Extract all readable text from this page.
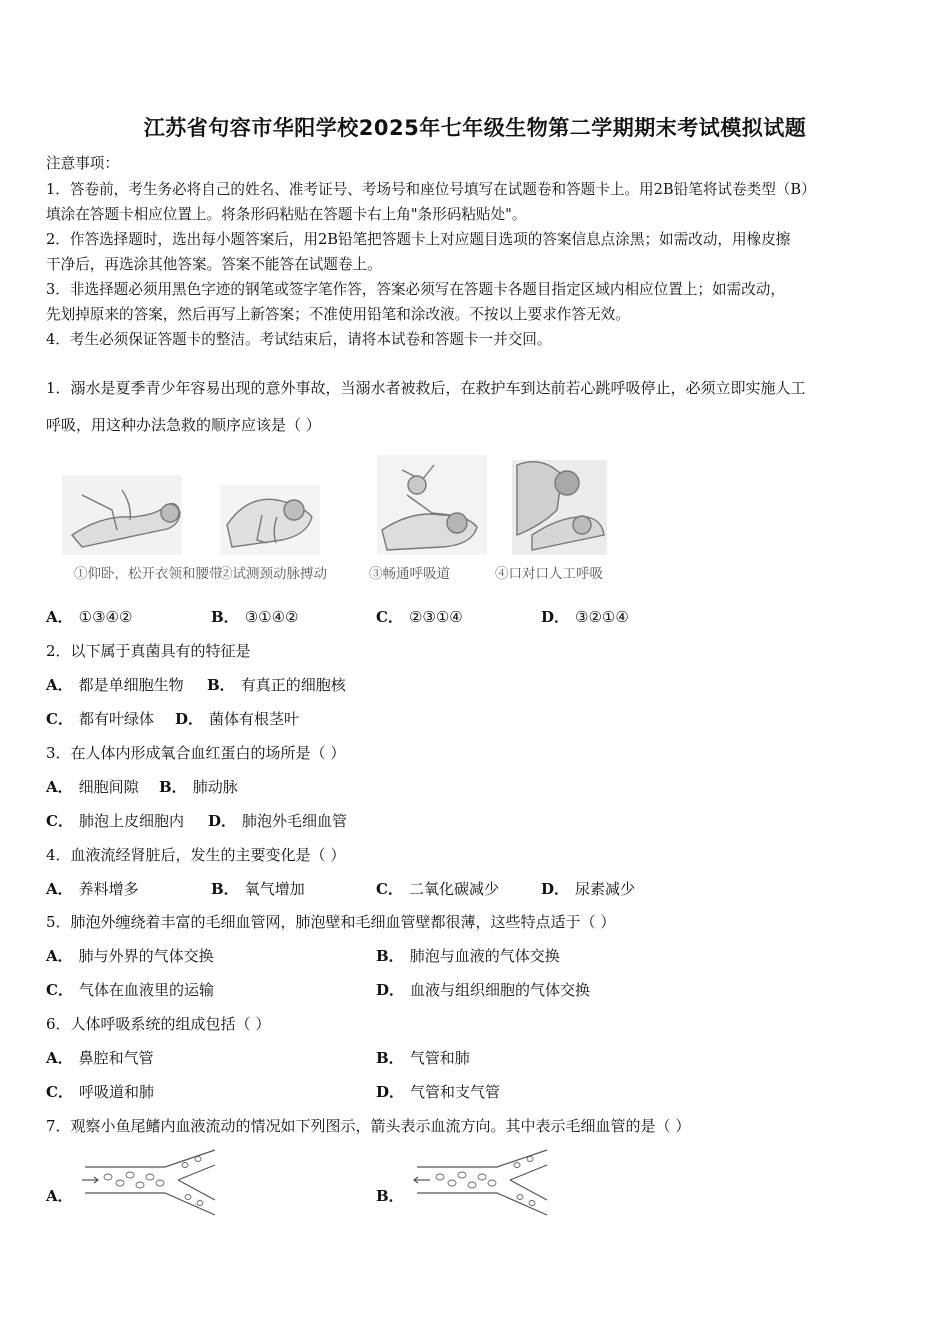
江苏省句容市华阳学校2025年七年级生物第二学期期末考试模拟试题
注意事项：
1．答卷前，考生务必将自己的姓名、准考证号、考场号和座位号填写在试题卷和答题卡上。用2B铅笔将试卷类型（B）
填涂在答题卡相应位置上。将条形码粘贴在答题卡右上角"条形码粘贴处"。
2．作答选择题时，选出每小题答案后，用2B铅笔把答题卡上对应题目选项的答案信息点涂黑；如需改动，用橡皮擦
干净后，再选涂其他答案。答案不能答在试题卷上。
3．非选择题必须用黑色字迹的钢笔或签字笔作答，答案必须写在答题卡各题目指定区域内相应位置上；如需改动，
先划掉原来的答案，然后再写上新答案；不准使用铅笔和涂改液。不按以上要求作答无效。
4．考生必须保证答题卡的整洁。考试结束后，请将本试卷和答题卡一并交回。
1．溺水是夏季青少年容易出现的意外事故，当溺水者被救后，在救护车到达前若心跳呼吸停止，必须立即实施人工
呼吸，用这种办法急救的顺序应该是（ ）
①仰卧，松开衣领和腰带
②试测颈动脉搏动	③畅通呼吸道	④口对口人工呼吸
A． ①③④②	B． ③①④②	C． ②③①④	D． ③②①④
2．以下属于真菌具有的特征是
A． 都是单细胞生物 B． 有真正的细胞核
C． 都有叶绿体 D． 菌体有根茎叶
3．在人体内形成氧合血红蛋白的场所是（ ）
A． 细胞间隙 B． 肺动脉
C． 肺泡上皮细胞内 D． 肺泡外毛细血管
4．血液流经肾脏后，发生的主要变化是（ ）
A． 养料增多	B． 氧气增加	C． 二氧化碳减少	D． 尿素减少
5．肺泡外缠绕着丰富的毛细血管网，肺泡壁和毛细血管壁都很薄，这些特点适于（ ）
A． 肺与外界的气体交换	B． 肺泡与血液的气体交换
C． 气体在血液里的运输	D． 血液与组织细胞的气体交换
6．人体呼吸系统的组成包括（ ）
A． 鼻腔和气管	B． 气管和肺
C． 呼吸道和肺	D． 气管和支气管
7．观察小鱼尾鳍内血液流动的情况如下列图示，箭头表示血流方向。其中表示毛细血管的是（ ）
A．	B．
